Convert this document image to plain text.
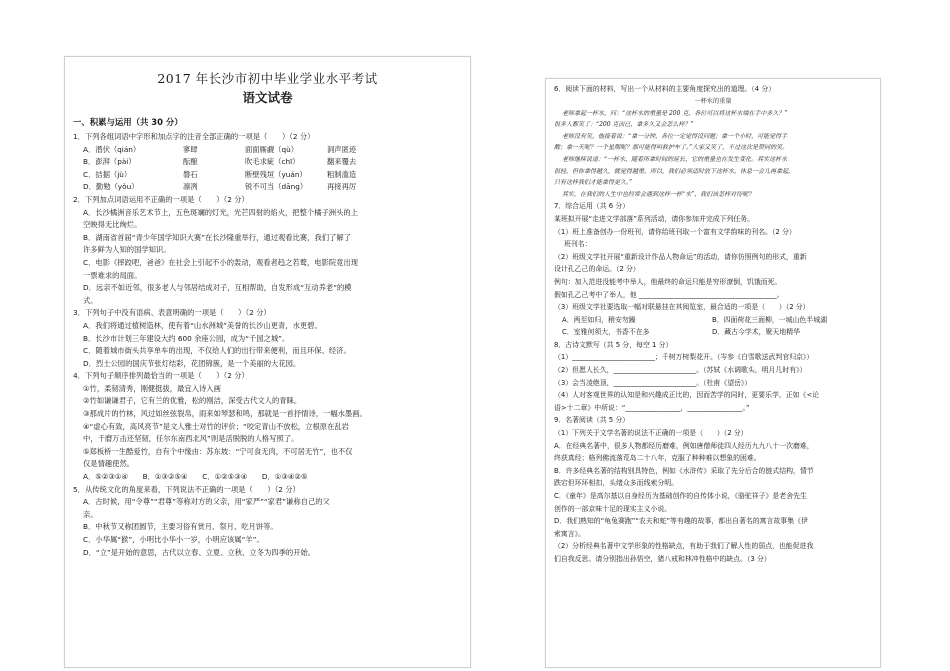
2017 年长沙市初中毕业学业水平考试
语文试卷
一、积累与运用（共 30 分）
1．下列各组词语中字形和加点字的注音全部正确的一项是（　　）（2 分）
A．潜伏（qián）	寥肆	面面厮觑（qù）	洞声匿迹
B．澎湃（pài）	酝酿	吹毛求疵（chī）	翻来覆去
C．拮据（jù）	磐石	断壁残垣（yuán）	粗制滥造
D．勤勉（yǒu）	凛冽	锐不可当（dāng）	再接再厉
2．下列加点词语运用不正确的一项是（　　）（2 分）
A．长沙橘洲音乐艺术节上，五色斑斓的灯光，光芒四射的焰火，把整个橘子洲头的上
空映得无比绚烂。
B．湖南省首届“青少年国学知识大赛”在长沙隆重举行，通过观看比赛，我们了解了
许多鲜为人知的国学知识。
C．电影《摔跤吧，爸爸》在社会上引起不小的轰动，观看者趋之若鹜，电影院竟出现
一票难求的局面。
D．远亲不如近邻，很多老人与邻居结成对子，互相帮助，自发形成“互动养老”的模
式。
3．下列句子中没有语病、表意明确的一项是（　　）（2 分）
A．我们将通过植树造林，使有着“山水洲城”美誉的长沙山更青，水更碧。
B．长沙市计划三年建设大约 600 余座公园，成为“千园之城”。
C．随着城市街头共享单车的出现，不仅给人们的出行带来便利，而且环保、经济。
D．烈士公园的国庆节张灯结彩，花团锦簇，是一个美丽的大花园。
4．下列句子顺序排列最恰当的一项是（　　）（2 分）
①竹，柔韧清秀，刚健挺拔，最宜入诗入画
②竹如谦谦君子，它有兰的优雅，松的刚洁，深受古代文人的青睐。
③那成片的竹林，风过如丝弦裂帛，雨来如琴瑟和鸣，那就是一首抒情诗，一幅水墨画。
④“虚心有致，高风亮节”是文人雅士对竹的评价；“咬定青山不放松，立根原在乱岩
中，千磨万击还坚韧，任尔东南西北风”则是活脱脱的人格写照了。
⑤郑板桥一生酷爱竹，自有个中缘由：苏东坡：“宁可食无肉，不可居无竹”，也不仅
仅是情趣使然。
A．⑤②③①④　　B．①③②⑤④　　C．①②⑤③④　　D．①③④②⑤
5．从传统文化的角度来看，下列说法不正确的一项是（　　）（2 分）
A．古时候，用“令尊”“君尊”等称对方的父亲，用“家严”“家君”谦称自己的父
亲。
B．中秋节又称团圆节，主要习俗有赏月、祭月、吃月饼等。
C．小华属“猴”，小明比小华小一岁，小明应该属“羊”。
D．“立”是开始的意思，古代以立春、立夏、立秋、立冬为四季的开始。
6．阅读下面的材料，写出一个从材料的主要角度探究出的道理。（4 分）
一杯水的重量
老师拿起一杯水，问：“这杯水的重量是 200 克，各位可以将这杯水端在手中多久？”
很多人都笑了：“200 克而已，拿多久又会怎么样？”
老师没有笑，他接着说：“拿一分钟，各位一定觉得没问题；拿一个小时，可能觉得手
酸；拿一天呢？一个星期呢？那可能得叫救护车了。”大家又笑了，不过这次是赞同的笑。
老师继续说道：“一杯水，随着所拿时间的延长，它的重量也在发生变化。其实这杯水
很轻，但你拿得越久，就觉得越重。所以，我们必须适时放下这杯水，休息一会儿再拿起，
只有这样我们才能拿得更久。”
其实，在我们的人生中也经常会遇到这样一杯“水”，我们该怎样对待呢？
7．综合运用（共 6 分）
某班拟开展“走进文学部落”系列活动，请你参加并完成下列任务。
（1）班上准备创办一份班刊，请你给班刊取一个富有文学韵味的刊名。（2 分）
班刊名：
（2）班级文学社开展“重新设计作品人物命运”的活动，请你仿照例句的形式，重新
设计孔乙己的命运。（2 分）
例句：加入范进没能考中举人，他最终的命运只能是穷形潦倒，饥饿而死。
假如孔乙己考中了举人，他 ________________________________________。
（3）班级文学社要选取一幅对联悬挂在其阅览室，最合适的一项是（　　）（2 分）
A．两至如归，稍安勿躁	B．四面荷花三面柳，一城山色半城湖
C．室雅何须大，书香不在多	D．藏古今学术，聚天地精华
8．古诗文默写（共 5 分，每空 1 分）
（1）________________________；千树万树梨花开。（岑参《白雪歌送武判官归京》）
（2）但愿人长久，________________________。（苏轼《水调歌头，明月几时有》）
（3）会当凌绝顶，________________________。（杜甫《望岳》）
（4）人对客观世界的认知是和兴趣成正比的，因而苦学的同时，更要乐学，正如《<论
语>十二章》中所说：“________________，________________。”
9．名著阅读（共 5 分）
（1）下列关于文学名著的说法不正确的一项是（　　）（2 分）
A．在经典名著中，很多人物都经历磨难，例如唐僧师徒四人经历九九八十一次磨难，
终获真经；格列佛流落荒岛二十八年，克服了种种难以想象的困难。
B．许多经典名著的结构别具特色，例如《水浒传》采取了先分后合的链式结构，情节
跌宕但环环相扣，头绪众多而线索分明。
C．《童年》是高尔基以自身经历为基础创作的自传体小说，《骆驼祥子》是老舍先生
创作的一部京味十足的现实主义小说。
D．我们熟知的“龟兔赛跑”“农夫和蛇”等有趣的故事，都出自著名的寓言故事集《伊
索寓言》。
（2）分析经典名著中文学形象的性格缺点，有助于我们了解人性的弱点，也能促进我
们自我反思。请分别指出孙悟空，猪八戒和林冲性格中的缺点。（3 分）
